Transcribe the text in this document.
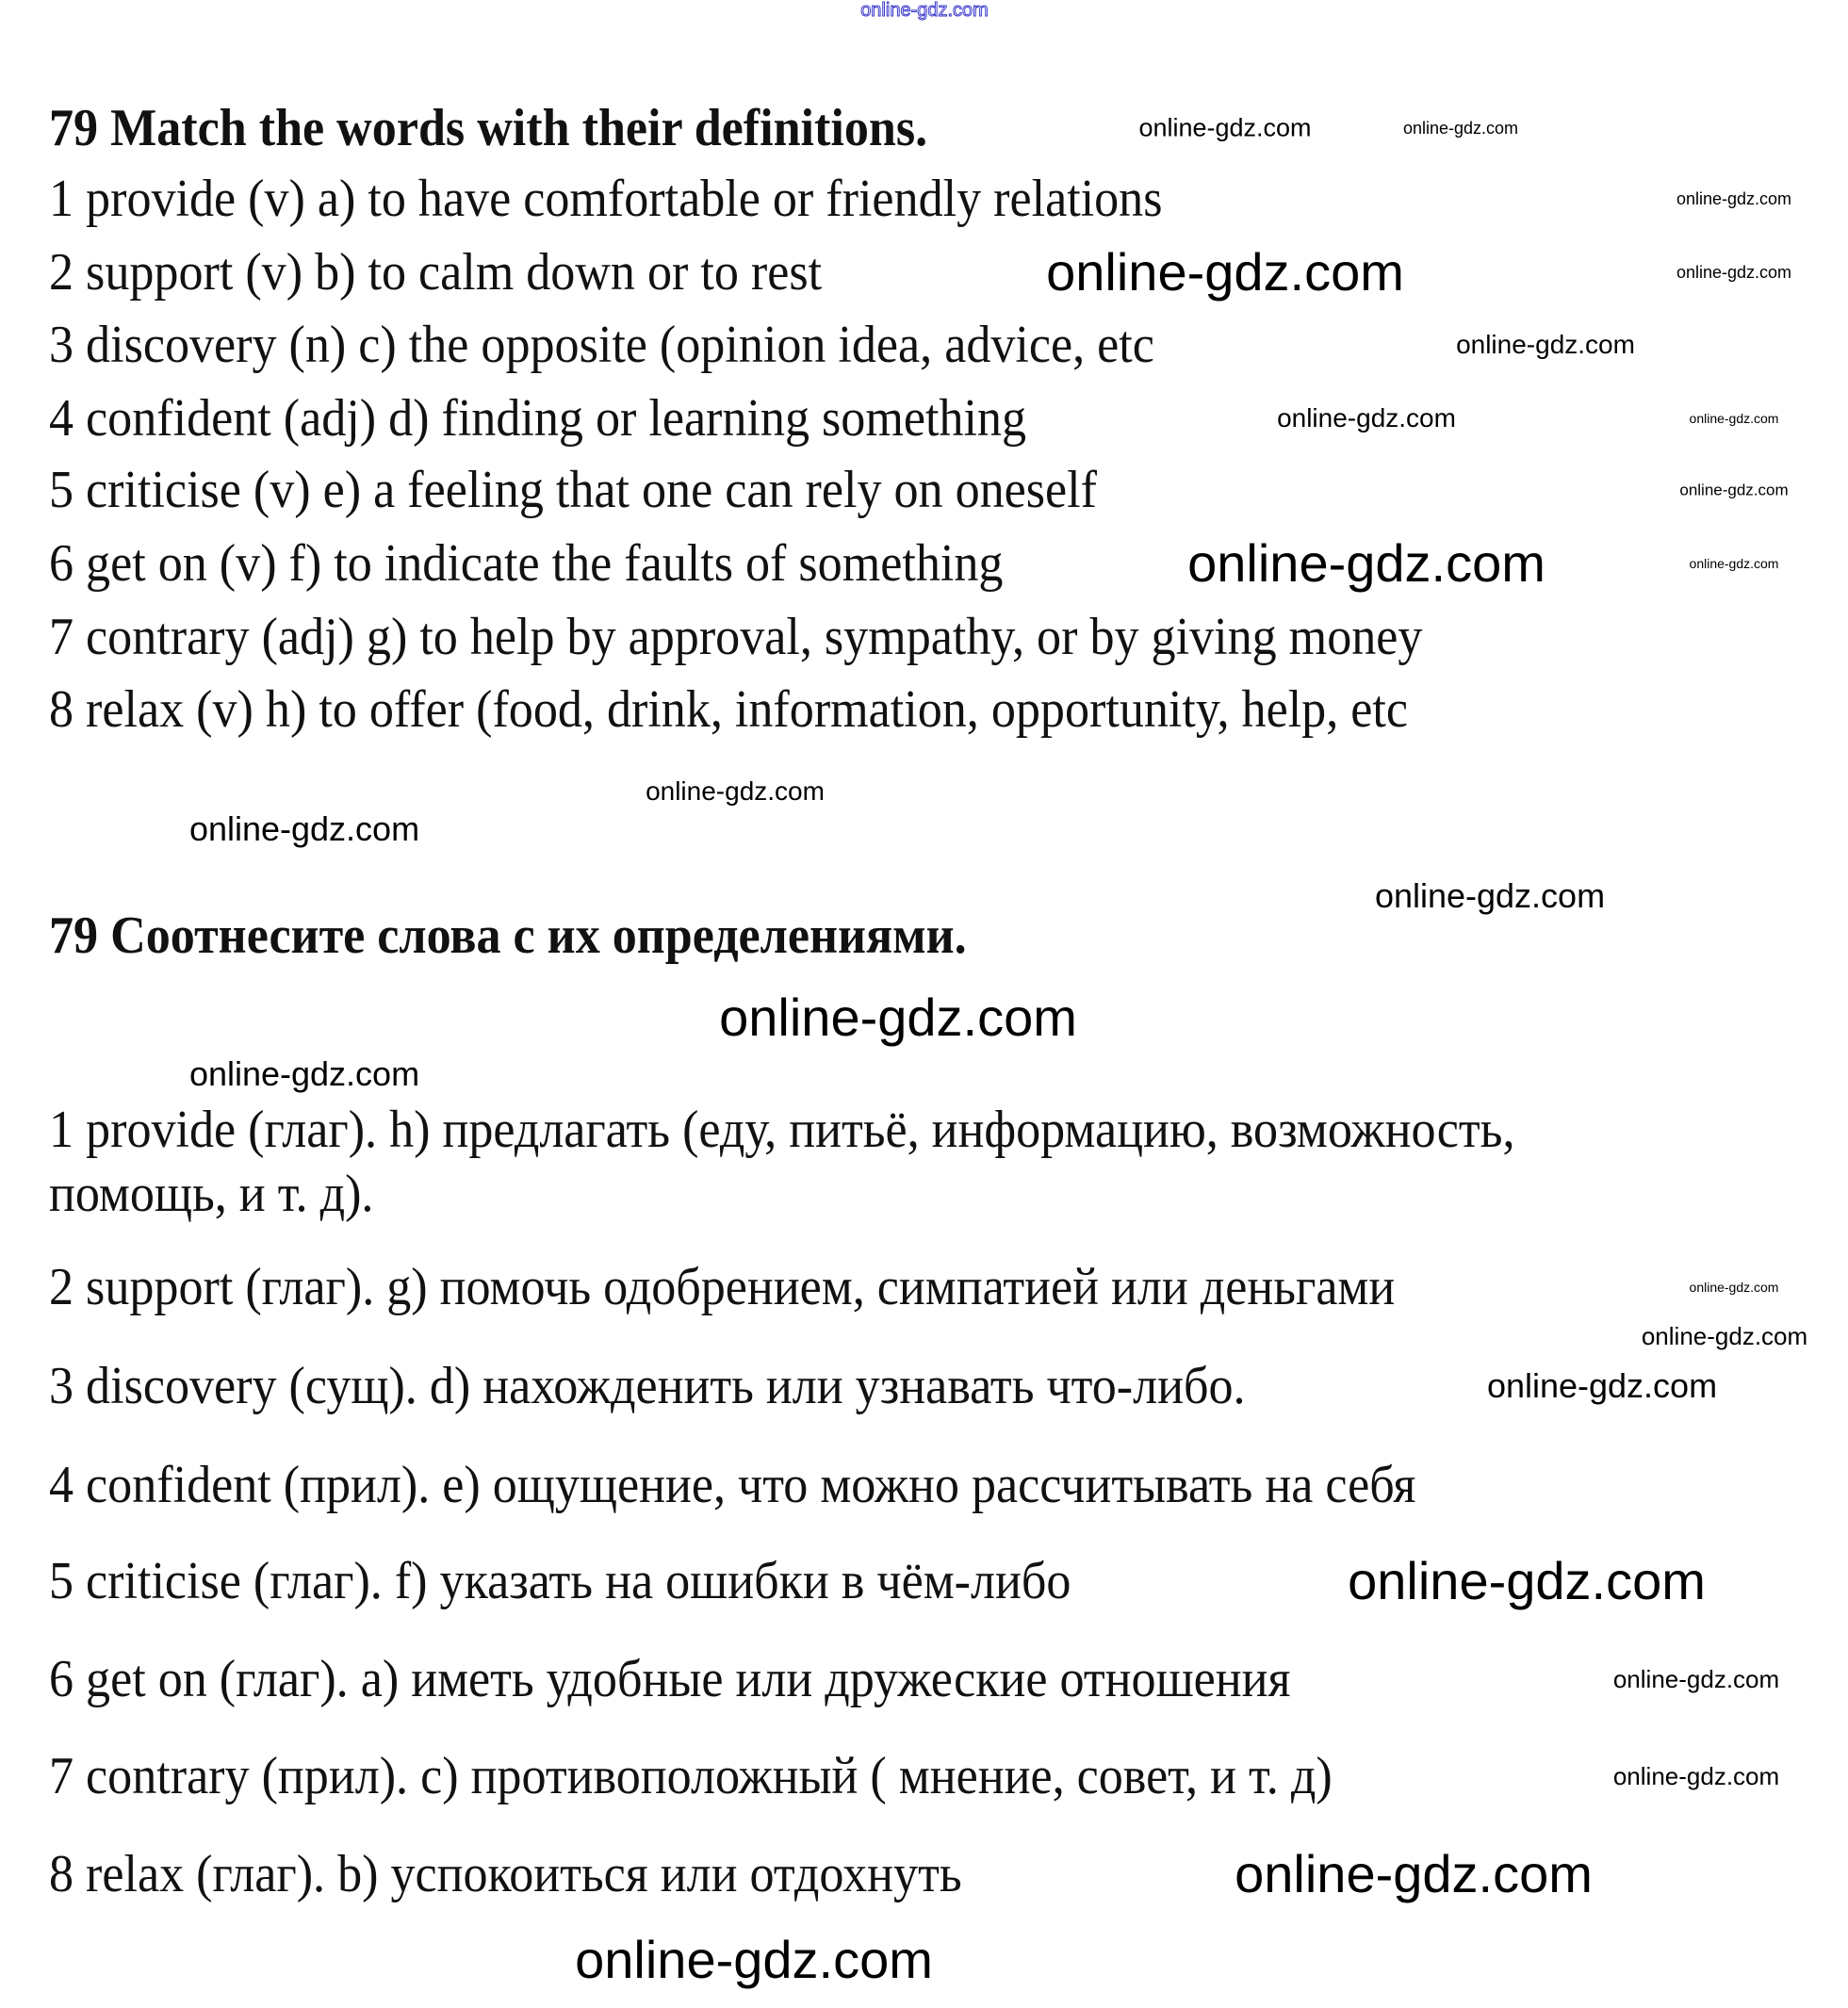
79 Match the words with their definitions.
1 provide (v) a) to have comfortable or friendly relations
2 support (v) b) to calm down or to rest
3 discovery (n) c) the opposite (opinion idea, advice, etc
4 confident (adj) d) finding or learning something
5 criticise (v) e) a feeling that one can rely on oneself
6 get on (v) f) to indicate the faults of something
7 contrary (adj) g) to help by approval, sympathy, or by giving money
8 relax (v) h) to offer (food, drink, information, opportunity, help, etc
79 Соотнесите слова с их определениями.
1 provide (глаг). h) предлагать (еду, питьё, информацию, возможность,
помощь, и т. д).
2 support (глаг). g) помочь одобрением, симпатией или деньгами
3 discovery (сущ). d) нахожденить или узнавать что-либо.
4 confident (прил). e) ощущение, что можно рассчитывать на себя
5 criticise (глаг). f) указать на ошибки в чём-либо
6 get on (глаг). a) иметь удобные или дружеские отношения
7 contrary (прил). c) противоположный ( мнение, совет, и т. д)
8 relax (глаг). b) успокоиться или отдохнуть
online-gdz.com
online-gdz.com	online-gdz.com
online-gdz.com
online-gdz.com	online-gdz.com
online-gdz.com
online-gdz.com	online-gdz.com
online-gdz.com
online-gdz.com
online-gdz.com
online-gdz.com
online-gdz.com
online-gdz.com
online-gdz.com
online-gdz.com
online-gdz.com
online-gdz.com
online-gdz.com
online-gdz.com
online-gdz.com
online-gdz.com
online-gdz.com
online-gdz.com
